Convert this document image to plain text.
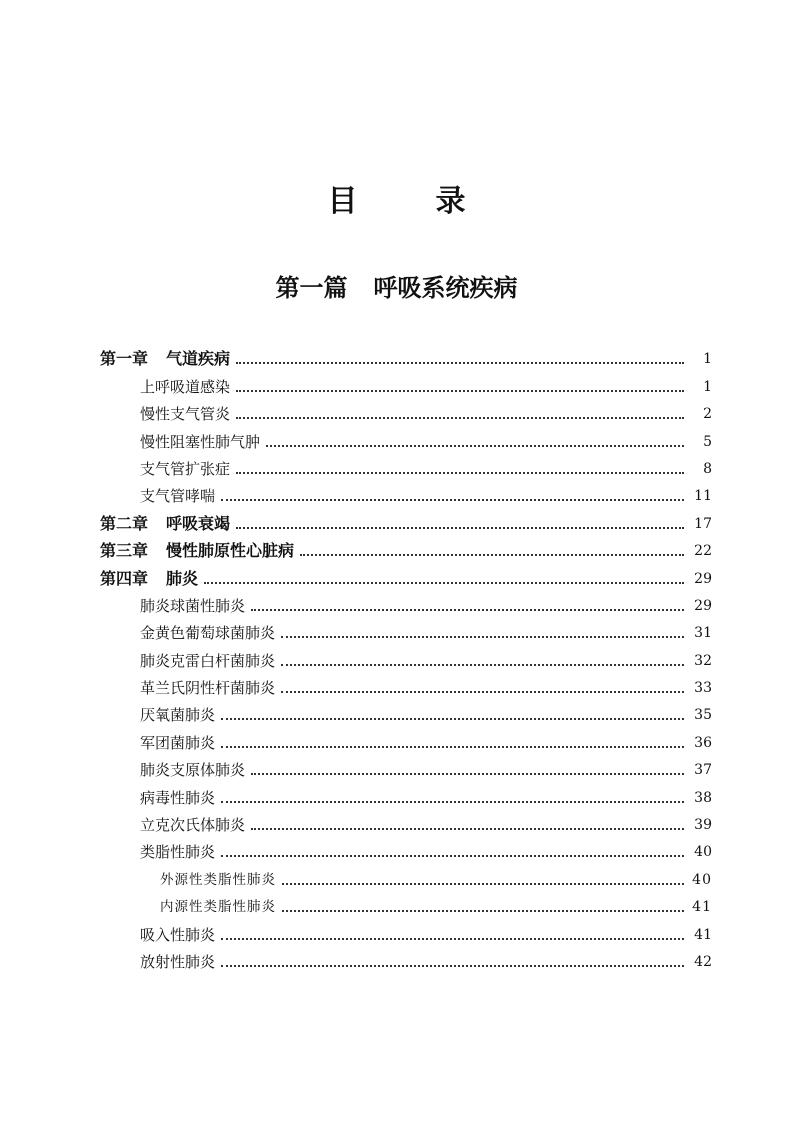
目	录
第一篇 呼吸系统疾病
第一章 气道疾病	1
上呼吸道感染	1
慢性支气管炎	2
慢性阻塞性肺气肿	5
支气管扩张症	8
支气管哮喘	11
第二章 呼吸衰竭	17
第三章 慢性肺原性心脏病	22
第四章 肺炎	29
肺炎球菌性肺炎	29
金黄色葡萄球菌肺炎	31
肺炎克雷白杆菌肺炎	32
革兰氏阴性杆菌肺炎	33
厌氧菌肺炎	35
军团菌肺炎	36
肺炎支原体肺炎	37
病毒性肺炎	38
立克次氏体肺炎	39
类脂性肺炎	40
外源性类脂性肺炎	40
内源性类脂性肺炎	41
吸入性肺炎	41
放射性肺炎	42
